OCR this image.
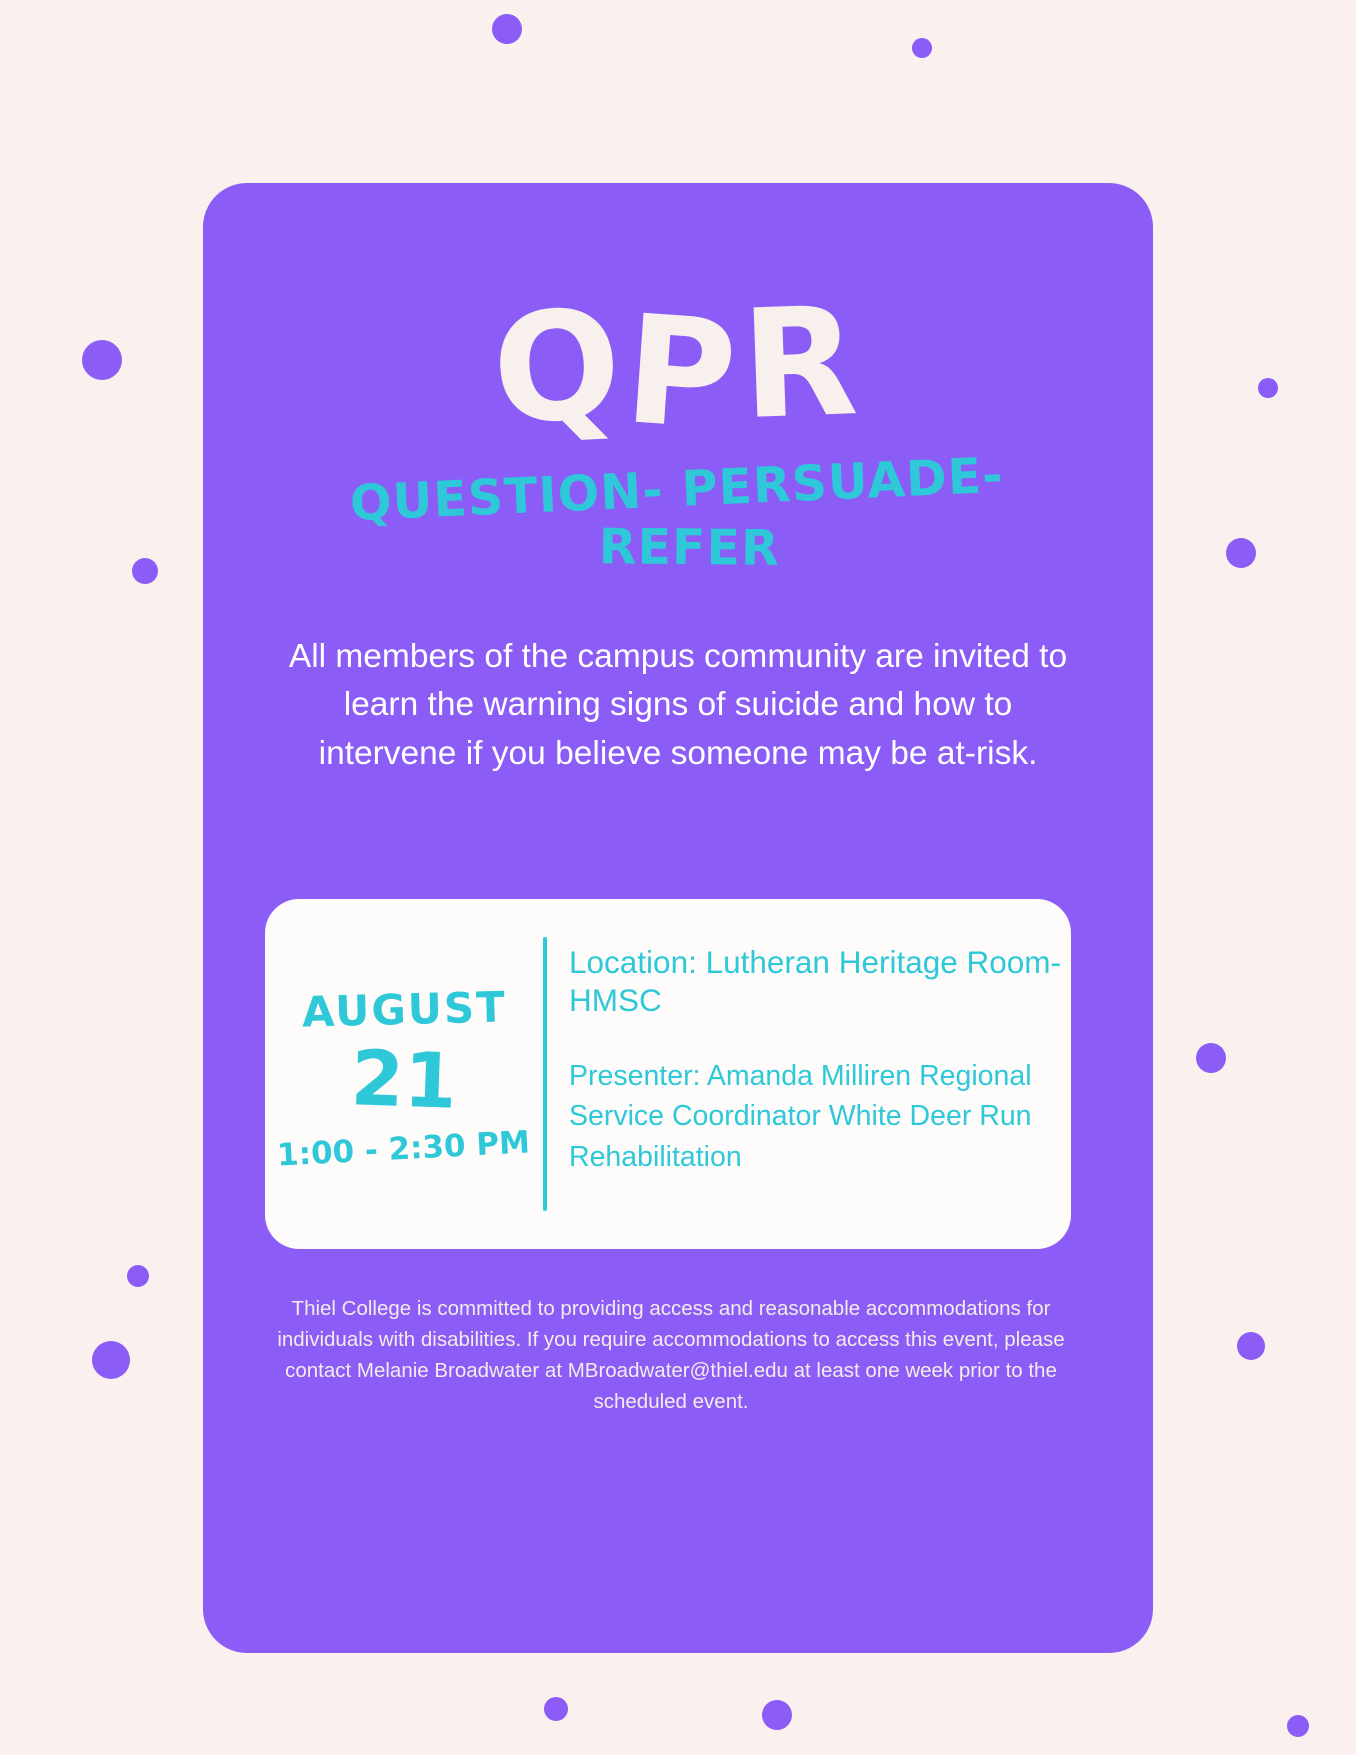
QPR
QUESTION- PERSUADE-
REFER
All members of the campus community are invited to learn the warning signs of suicide and how to intervene if you believe someone may be at-risk.
AUGUST
21
1:00 - 2:30 PM
Location: Lutheran Heritage Room- HMSC
Presenter: Amanda Milliren Regional Service Coordinator White Deer Run Rehabilitation
Thiel College is committed to providing access and reasonable accommodations for individuals with disabilities. If you require accommodations to access this event, please contact Melanie Broadwater at MBroadwater@thiel.edu at least one week prior to the scheduled event.
